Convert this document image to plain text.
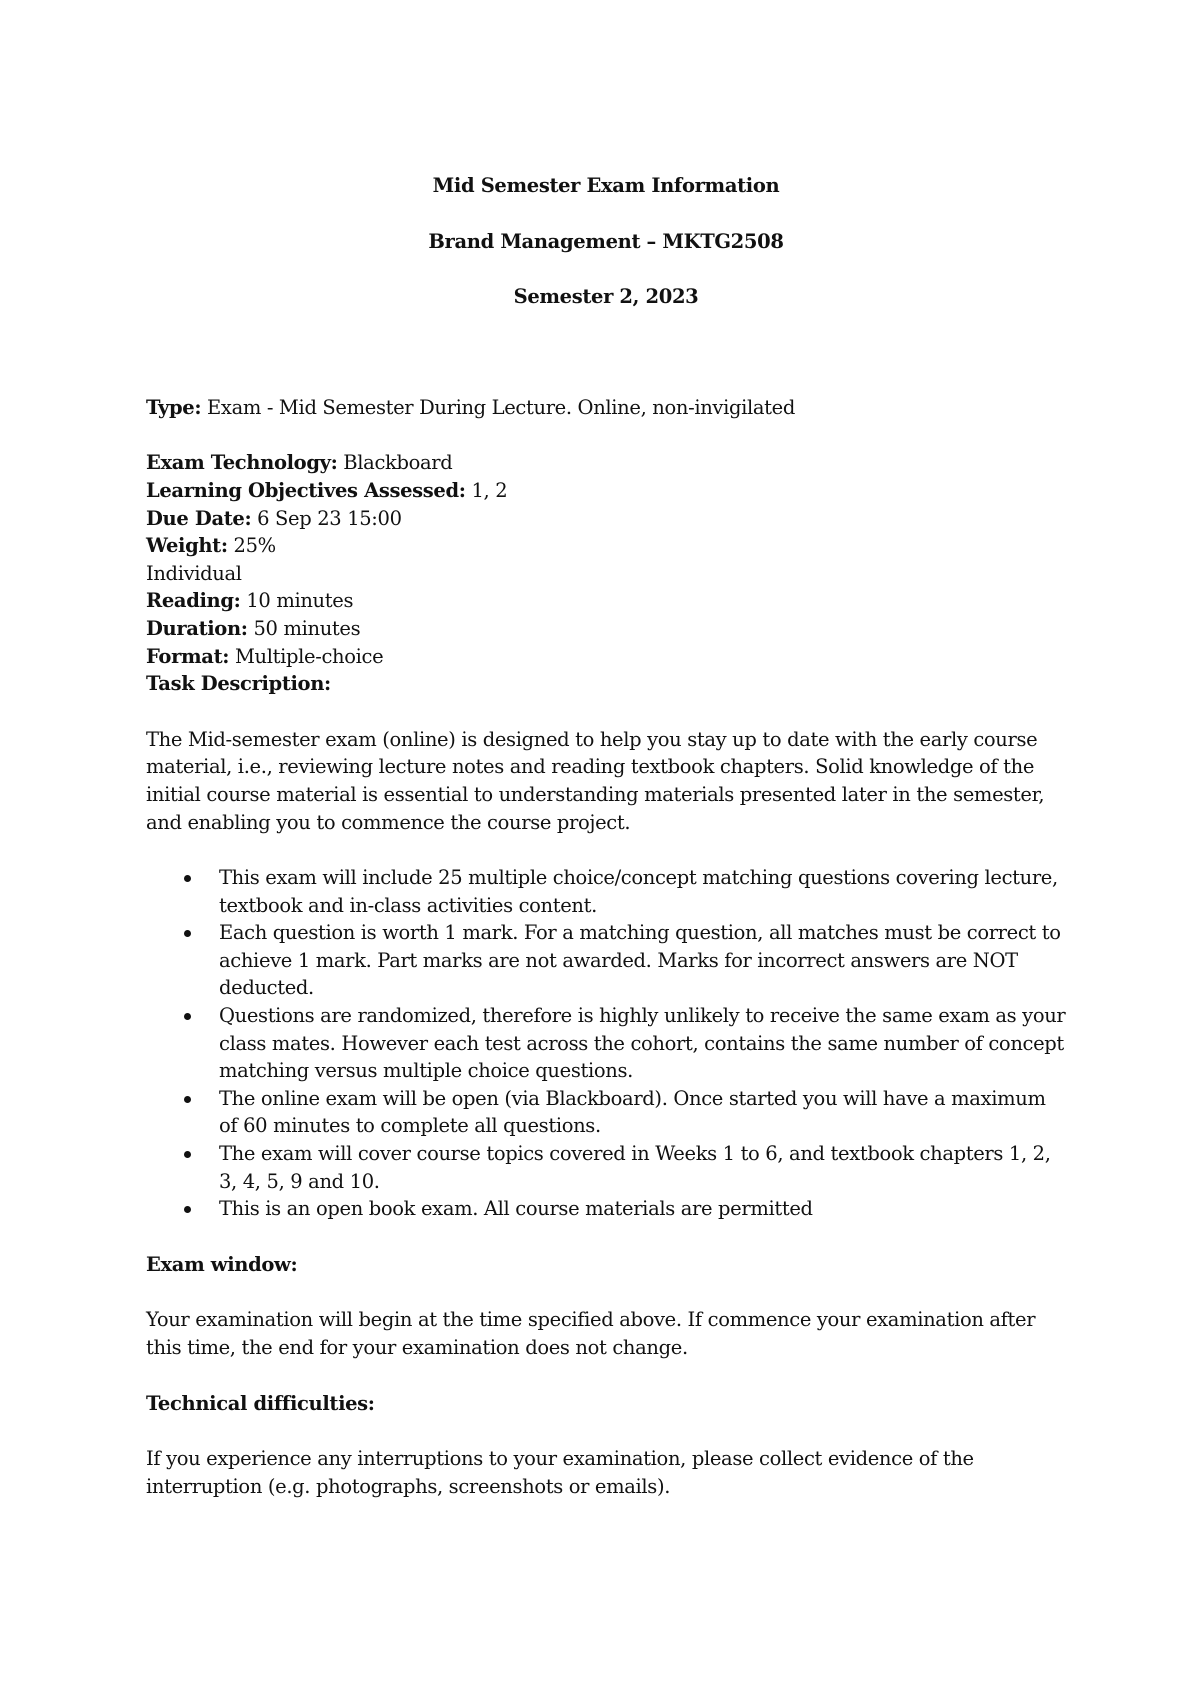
Mid Semester Exam Information

Brand Management – MKTG2508

Semester 2, 2023

Type: Exam - Mid Semester During Lecture. Online, non-invigilated

Exam Technology: Blackboard

Learning Objectives Assessed: 1, 2

Due Date: 6 Sep 23 15:00

Weight: 25%

Individual

Reading: 10 minutes

Duration: 50 minutes

Format: Multiple-choice

Task Description:

The Mid-semester exam (online) is designed to help you stay up to date with the early course material, i.e., reviewing lecture notes and reading textbook chapters. Solid knowledge of the initial course material is essential to understanding materials presented later in the semester, and enabling you to commence the course project.

This exam will include 25 multiple choice/concept matching questions covering lecture, textbook and in-class activities content.
Each question is worth 1 mark. For a matching question, all matches must be correct to achieve 1 mark. Part marks are not awarded. Marks for incorrect answers are NOT deducted.
Questions are randomized, therefore is highly unlikely to receive the same exam as your class mates. However each test across the cohort, contains the same number of concept matching versus multiple choice questions.
The online exam will be open (via Blackboard). Once started you will have a maximum of 60 minutes to complete all questions.
The exam will cover course topics covered in Weeks 1 to 6, and textbook chapters 1, 2, 3, 4, 5, 9 and 10.
This is an open book exam. All course materials are permitted

Exam window:

Your examination will begin at the time specified above. If commence your examination after this time, the end for your examination does not change.

Technical difficulties:

If you experience any interruptions to your examination, please collect evidence of the interruption (e.g. photographs, screenshots or emails).
